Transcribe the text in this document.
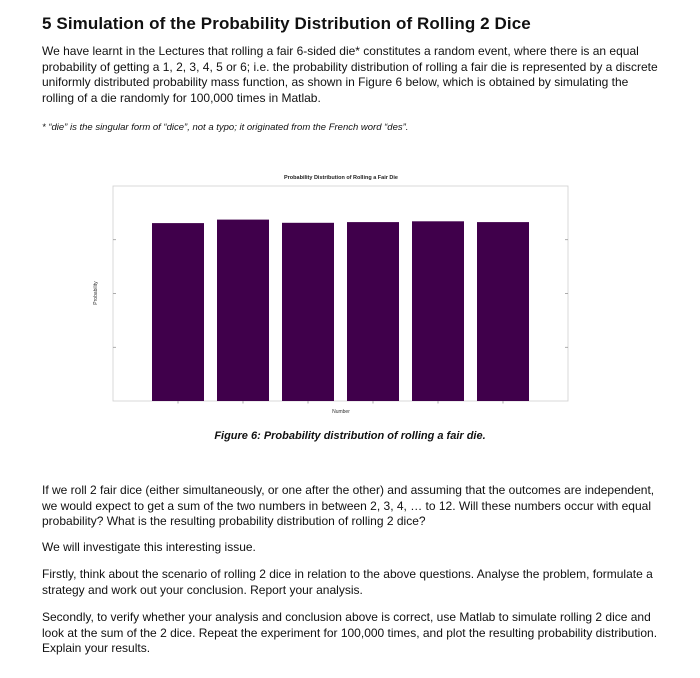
5 Simulation of the Probability Distribution of Rolling 2 Dice

We have learnt in the Lectures that rolling a fair 6-sided die* constitutes a random event, where there is an equal probability of getting a 1, 2, 3, 4, 5 or 6; i.e. the probability distribution of rolling a fair die is represented by a discrete uniformly distributed probability mass function, as shown in Figure 6 below, which is obtained by simulating the rolling of a die randomly for 100,000 times in Matlab.

* “die” is the singular form of “dice”, not a typo; it originated from the French word “des”.
Probability Distribution of Rolling a Fair Die
Number
Probability
Figure 6: Probability distribution of rolling a fair die.

If we roll 2 fair dice (either simultaneously, or one after the other) and assuming that the outcomes are independent, we would expect to get a sum of the two numbers in between 2, 3, 4, … to 12. Will these numbers occur with equal probability? What is the resulting probability distribution of rolling 2 dice?

We will investigate this interesting issue.

Firstly, think about the scenario of rolling 2 dice in relation to the above questions. Analyse the problem, formulate a strategy and work out your conclusion. Report your analysis.

Secondly, to verify whether your analysis and conclusion above is correct, use Matlab to simulate rolling 2 dice and look at the sum of the 2 dice. Repeat the experiment for 100,000 times, and plot the resulting probability distribution. Explain your results.
